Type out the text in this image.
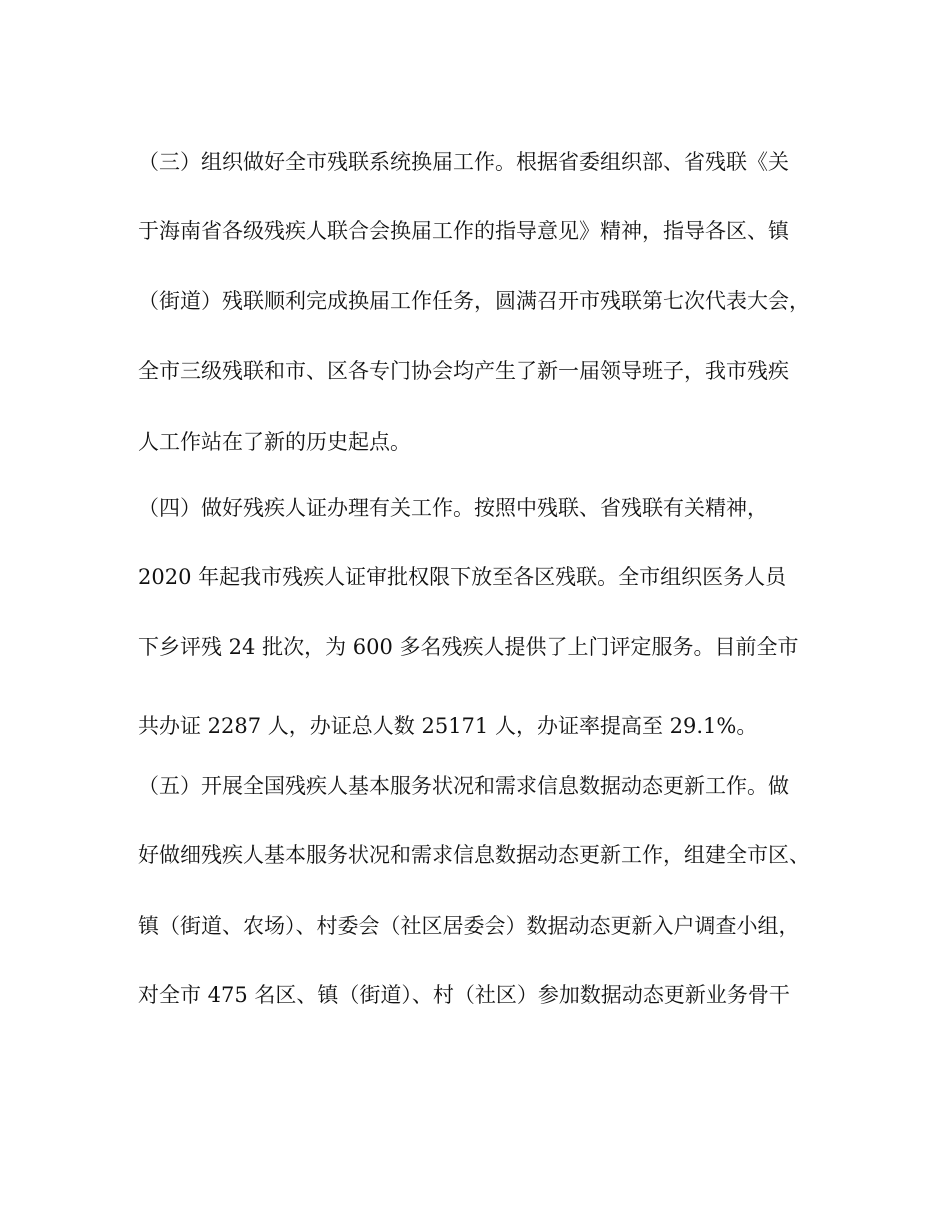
（三）组织做好全市残联系统换届工作。根据省委组织部、省残联《关
于海南省各级残疾人联合会换届工作的指导意见》精神，指导各区、镇
（街道）残联顺利完成换届工作任务，圆满召开市残联第七次代表大会，
全市三级残联和市、区各专门协会均产生了新一届领导班子，我市残疾
人工作站在了新的历史起点。
（四）做好残疾人证办理有关工作。按照中残联、省残联有关精神，
2020 年起我市残疾人证审批权限下放至各区残联。全市组织医务人员
下乡评残 24 批次，为 600 多名残疾人提供了上门评定服务。目前全市
共办证 2287 人，办证总人数 25171 人，办证率提高至 29.1%。
（五）开展全国残疾人基本服务状况和需求信息数据动态更新工作。做
好做细残疾人基本服务状况和需求信息数据动态更新工作，组建全市区、
镇（街道、农场）、村委会（社区居委会）数据动态更新入户调查小组，
对全市 475 名区、镇（街道）、村（社区）参加数据动态更新业务骨干
